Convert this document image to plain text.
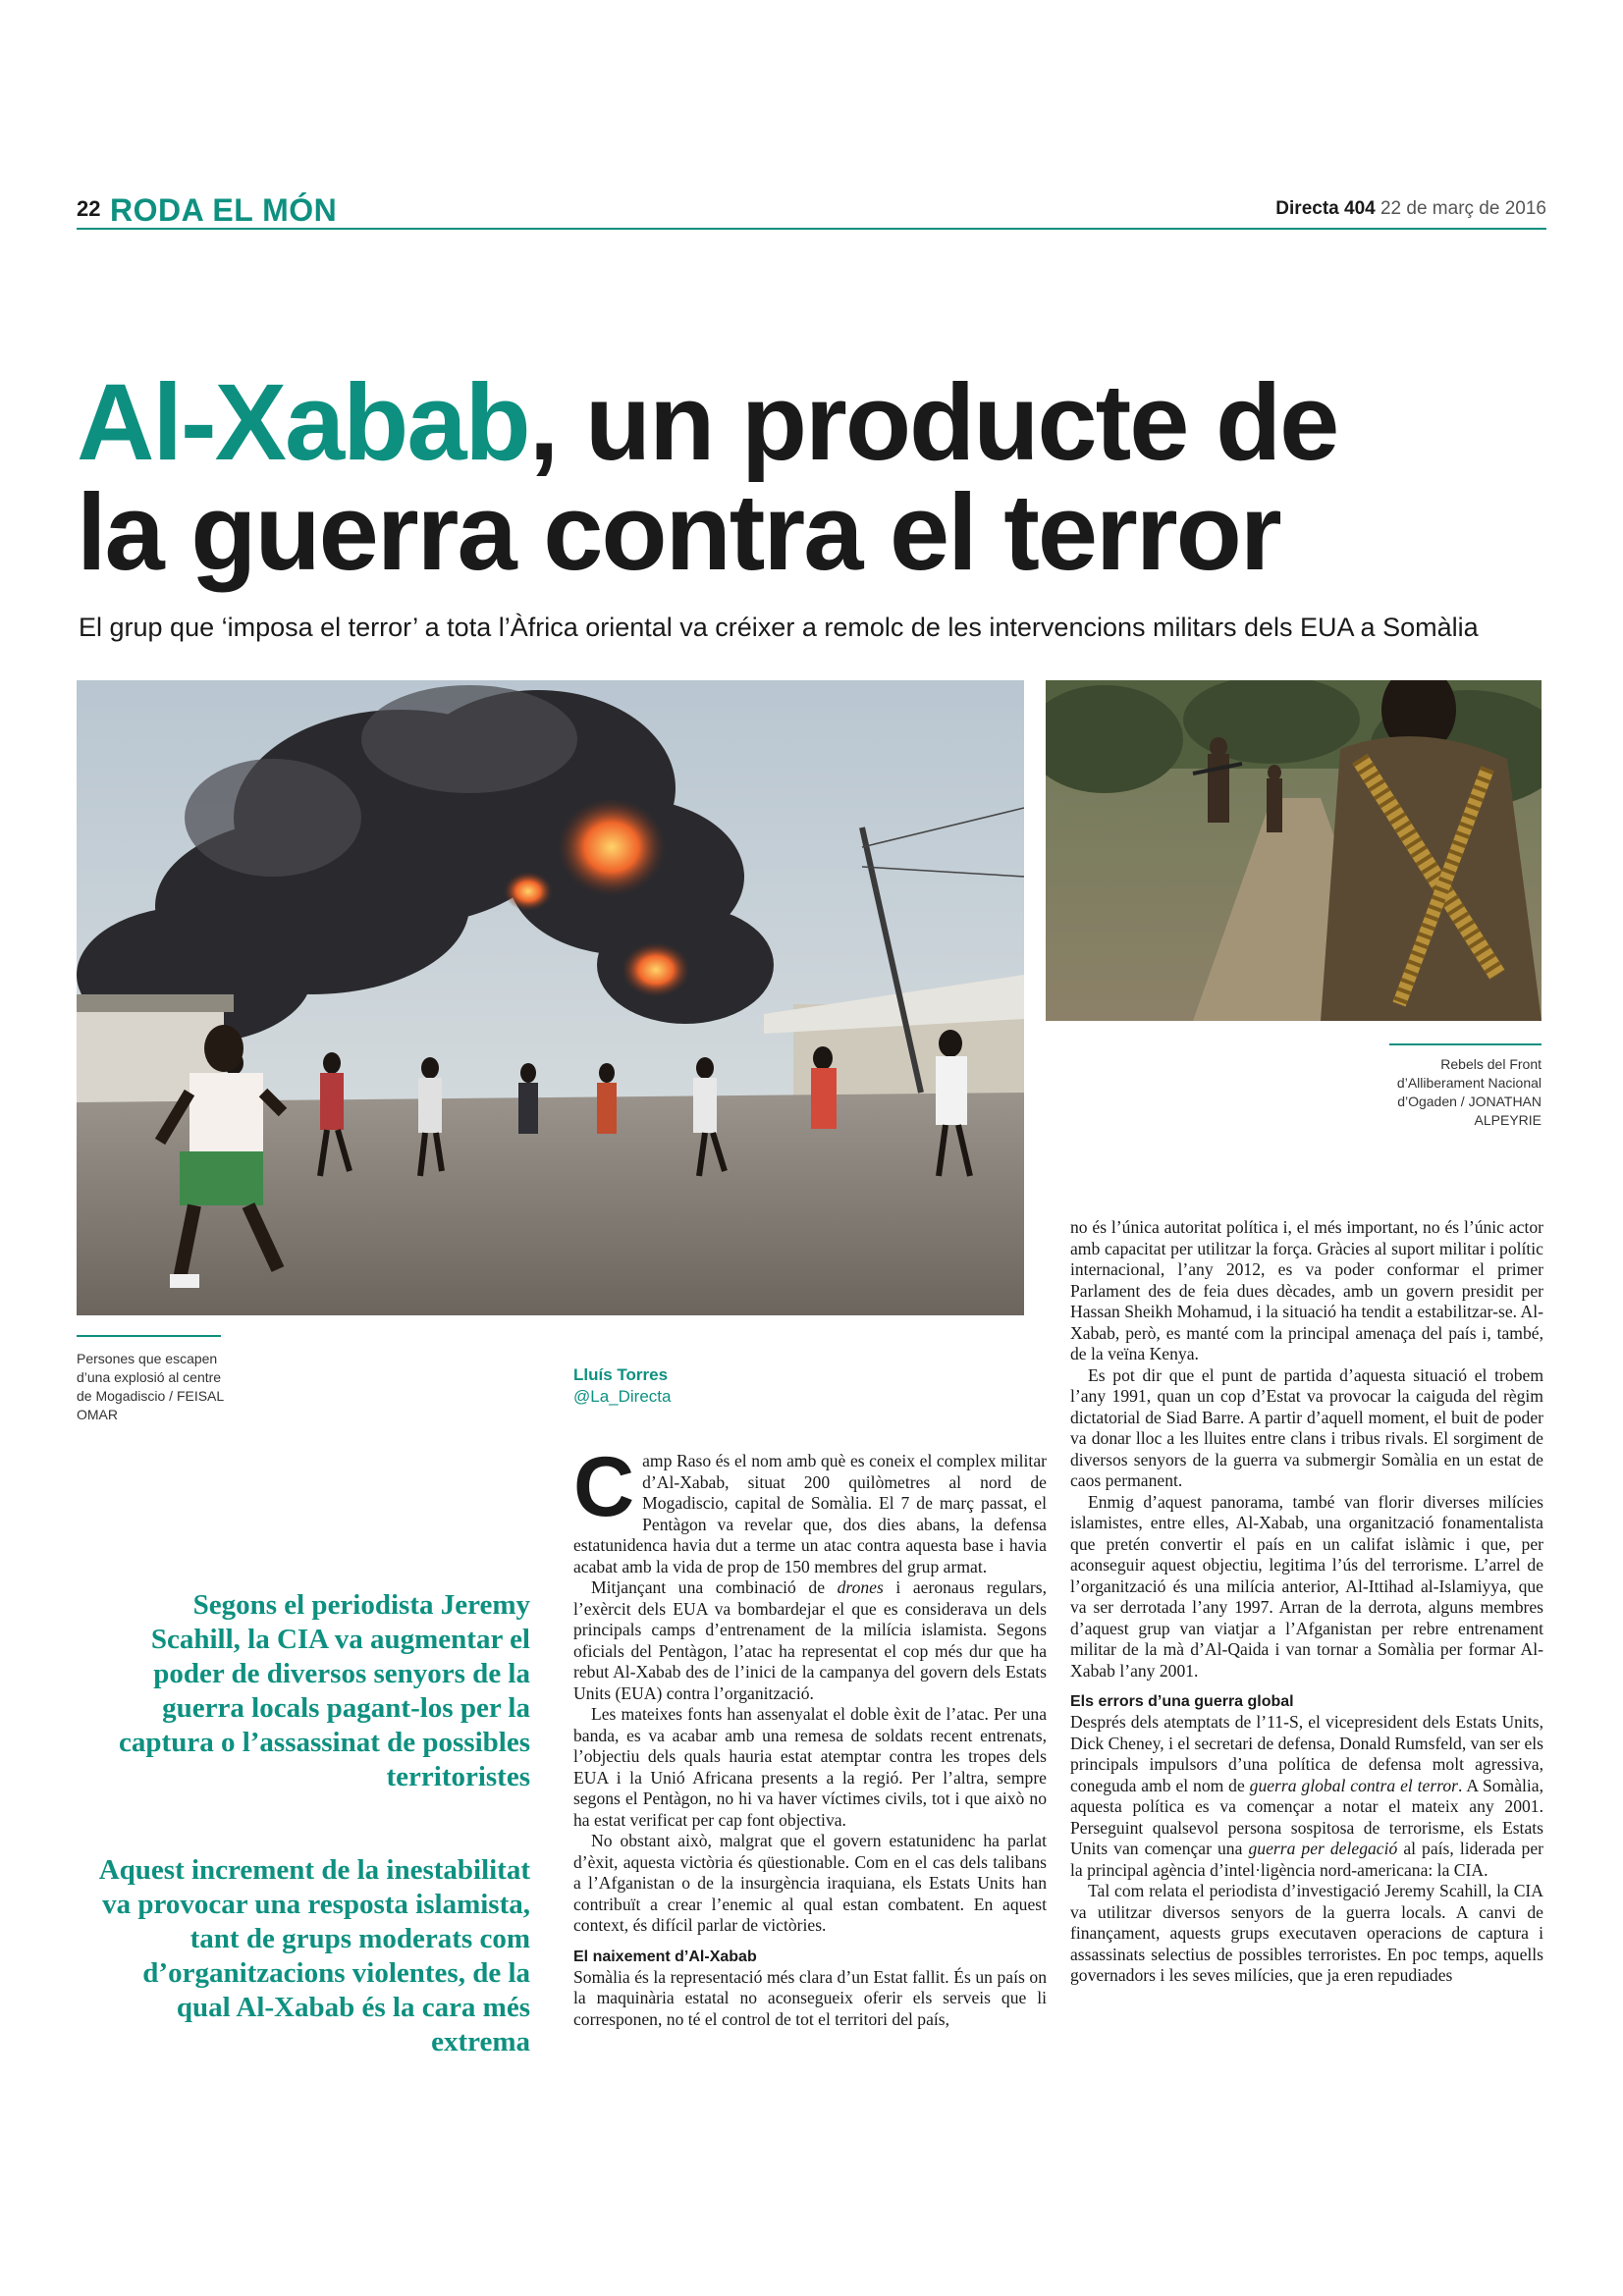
22 RODA EL MÓN	Directa 404 22 de març de 2016
Al-Xabab, un producte de
la guerra contra el terror
El grup que ‘imposa el terror’ a tota l’Àfrica oriental va créixer a remolc de les intervencions militars dels EUA a Somàlia
Rebels del Front d’Alliberament Nacional d’Ogaden / JONATHAN ALPEYRIE
Persones que escapen d’una explosió al centre de Mogadiscio / FEISAL OMAR
Segons el periodista Jeremy Scahill, la CIA va augmentar el poder de diversos senyors de la guerra locals pagant-los per la captura o l’assassinat de possibles territoristes
Aquest increment de la inestabilitat va provocar una resposta islamista, tant de grups moderats com d’organitzacions violentes, de la qual Al-Xabab és la cara més extrema
Lluís Torres
@La_Directa

Camp Raso és el nom amb què es coneix el complex militar d’Al-Xabab, situat 200 quilòmetres al nord de Mogadiscio, capital de Somàlia. El 7 de març passat, el Pentàgon va revelar que, dos dies abans, la defensa estatunidenca havia dut a terme un atac contra aquesta base i havia acabat amb la vida de prop de 150 membres del grup armat.

Mitjançant una combinació de drones i aeronaus regulars, l’exèrcit dels EUA va bombardejar el que es considerava un dels principals camps d’entrenament de la milícia islamista. Segons oficials del Pentàgon, l’atac ha representat el cop més dur que ha rebut Al-Xabab des de l’inici de la campanya del govern dels Estats Units (EUA) contra l’organització.

Les mateixes fonts han assenyalat el doble èxit de l’atac. Per una banda, es va acabar amb una remesa de soldats recent entrenats, l’objectiu dels quals hauria estat atemptar contra les tropes dels EUA i la Unió Africana presents a la regió. Per l’altra, sempre segons el Pentàgon, no hi va haver víctimes civils, tot i que això no ha estat verificat per cap font objectiva.

No obstant això, malgrat que el govern estatunidenc ha parlat d’èxit, aquesta victòria és qüestionable. Com en el cas dels talibans a l’Afganistan o de la insurgència iraquiana, els Estats Units han contribuït a crear l’enemic al qual estan combatent. En aquest context, és difícil parlar de victòries.

El naixement d’Al-Xabab

Somàlia és la representació més clara d’un Estat fallit. És un país on la maquinària estatal no aconsegueix oferir els serveis que li corresponen, no té el control de tot el territori del país,

no és l’única autoritat política i, el més important, no és l’únic actor amb capacitat per utilitzar la força. Gràcies al suport militar i polític internacional, l’any 2012, es va poder conformar el primer Parlament des de feia dues dècades, amb un govern presidit per Hassan Sheikh Mohamud, i la situació ha tendit a estabilitzar-se. Al-Xabab, però, es manté com la principal amenaça del país i, també, de la veïna Kenya.

Es pot dir que el punt de partida d’aquesta situació el trobem l’any 1991, quan un cop d’Estat va provocar la caiguda del règim dictatorial de Siad Barre. A partir d’aquell moment, el buit de poder va donar lloc a les lluites entre clans i tribus rivals. El sorgiment de diversos senyors de la guerra va submergir Somàlia en un estat de caos permanent.

Enmig d’aquest panorama, també van florir diverses milícies islamistes, entre elles, Al-Xabab, una organització fonamentalista que pretén convertir el país en un califat islàmic i que, per aconseguir aquest objectiu, legitima l’ús del terrorisme. L’arrel de l’organització és una milícia anterior, Al-Ittihad al-Islamiyya, que va ser derrotada l’any 1997. Arran de la derrota, alguns membres d’aquest grup van viatjar a l’Afganistan per rebre entrenament militar de la mà d’Al-Qaida i van tornar a Somàlia per formar Al-Xabab l’any 2001.

Els errors d’una guerra global

Després dels atemptats de l’11-S, el vicepresident dels Estats Units, Dick Cheney, i el secretari de defensa, Donald Rumsfeld, van ser els principals impulsors d’una política de defensa molt agressiva, coneguda amb el nom de guerra global contra el terror. A Somàlia, aquesta política es va començar a notar el mateix any 2001. Perseguint qualsevol persona sospitosa de terrorisme, els Estats Units van començar una guerra per delegació al país, liderada per la principal agència d’intel·ligència nord-americana: la CIA.

Tal com relata el periodista d’investigació Jeremy Scahill, la CIA va utilitzar diversos senyors de la guerra locals. A canvi de finançament, aquests grups executaven operacions de captura i assassinats selectius de possibles terroristes. En poc temps, aquells governadors i les seves milícies, que ja eren repudiades
